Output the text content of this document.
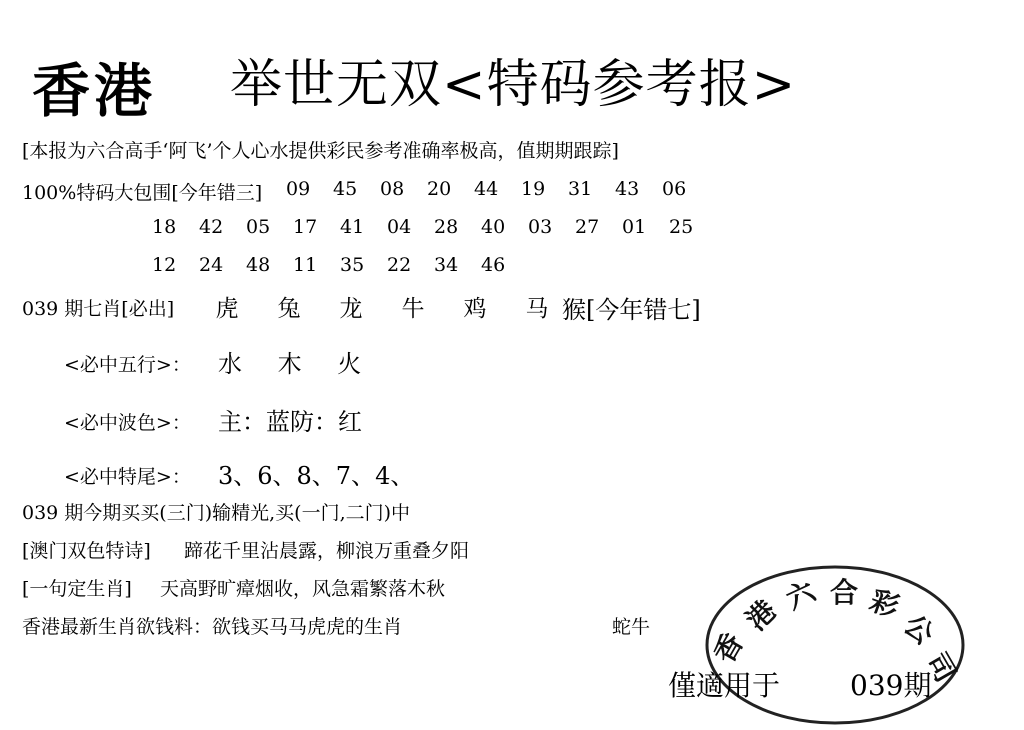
香港 举世无双<特码参考报>
[本报为六合高手‘阿飞’个人心水提供彩民参考准确率极高，值期期跟踪]
100%特码大包围[今年错三] 09 45 08 20 44 19 31 43 06
18 42 05 17 41 04 28 40 03 27 01 25
12 24 48 11 35 22 34 46
039 期七肖[必出]	虎 兔 龙 牛 鸡 马 猴[今年错七]
<必中五行>： 水 木 火
<必中波色>： 主：蓝防：红
<必中特尾>： 3、6、8、7、4、
039 期今期买买(三门)输精光,买(一门,二门)中
[澳门双色特诗] 蹄花千里沾晨露，柳浪万重叠夕阳
[一句定生肖] 天高野旷瘴烟收，风急霜繁落木秋
香港最新生肖欲钱料：欲钱买马马虎虎的生肖	蛇牛
香
港
六 合 彩
公
司
僅適用于	039期
